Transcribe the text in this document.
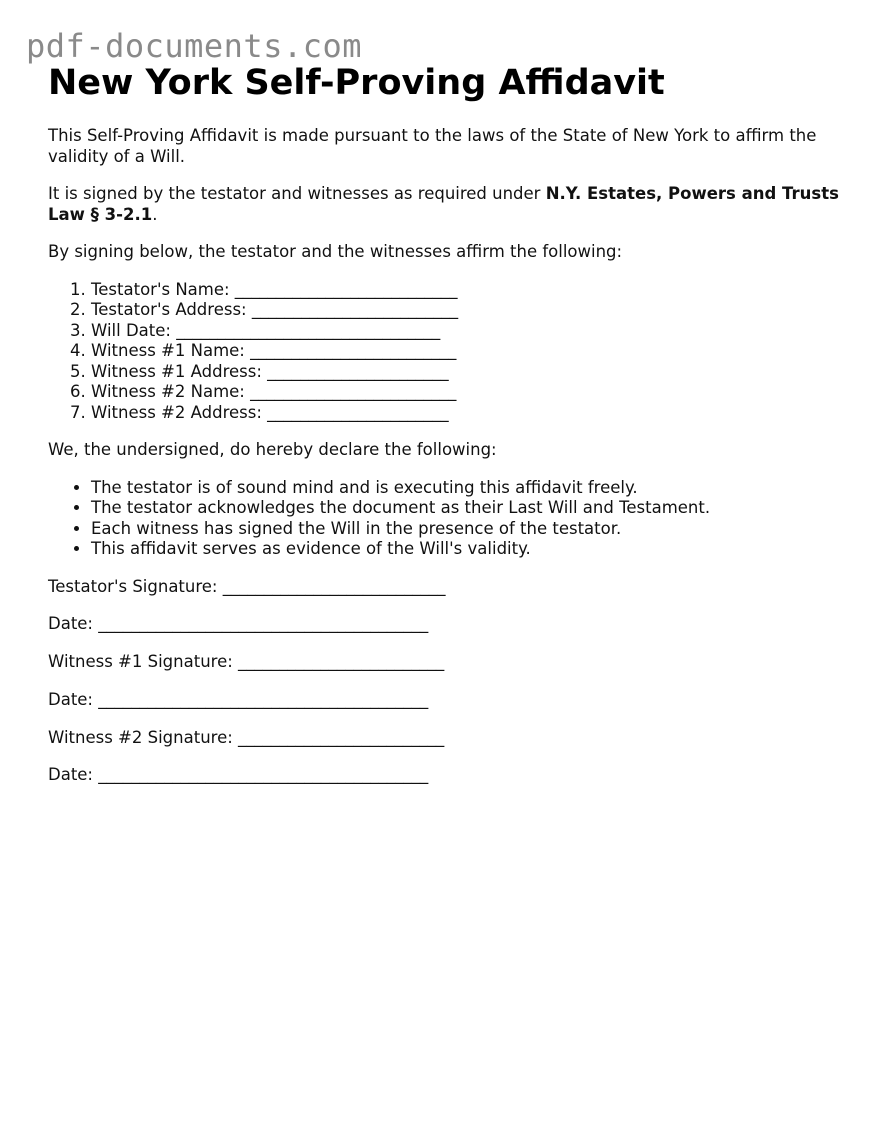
pdf-documents.com
New York Self-Proving Affidavit

This Self-Proving Affidavit is made pursuant to the laws of the State of New York to affirm the validity of a Will.

It is signed by the testator and witnesses as required under N.Y. Estates, Powers and Trusts Law § 3-2.1.

By signing below, the testator and the witnesses affirm the following:

1. Testator's Name: ___________________________
2. Testator's Address: _________________________
3. Will Date: ________________________________
4. Witness #1 Name: _________________________
5. Witness #1 Address: ______________________
6. Witness #2 Name: _________________________
7. Witness #2 Address: ______________________

We, the undersigned, do hereby declare the following:

• The testator is of sound mind and is executing this affidavit freely.
• The testator acknowledges the document as their Last Will and Testament.
• Each witness has signed the Will in the presence of the testator.
• This affidavit serves as evidence of the Will's validity.
Testator's Signature: ___________________________
Date: ________________________________________
Witness #1 Signature: _________________________
Date: ________________________________________
Witness #2 Signature: _________________________
Date: ________________________________________
